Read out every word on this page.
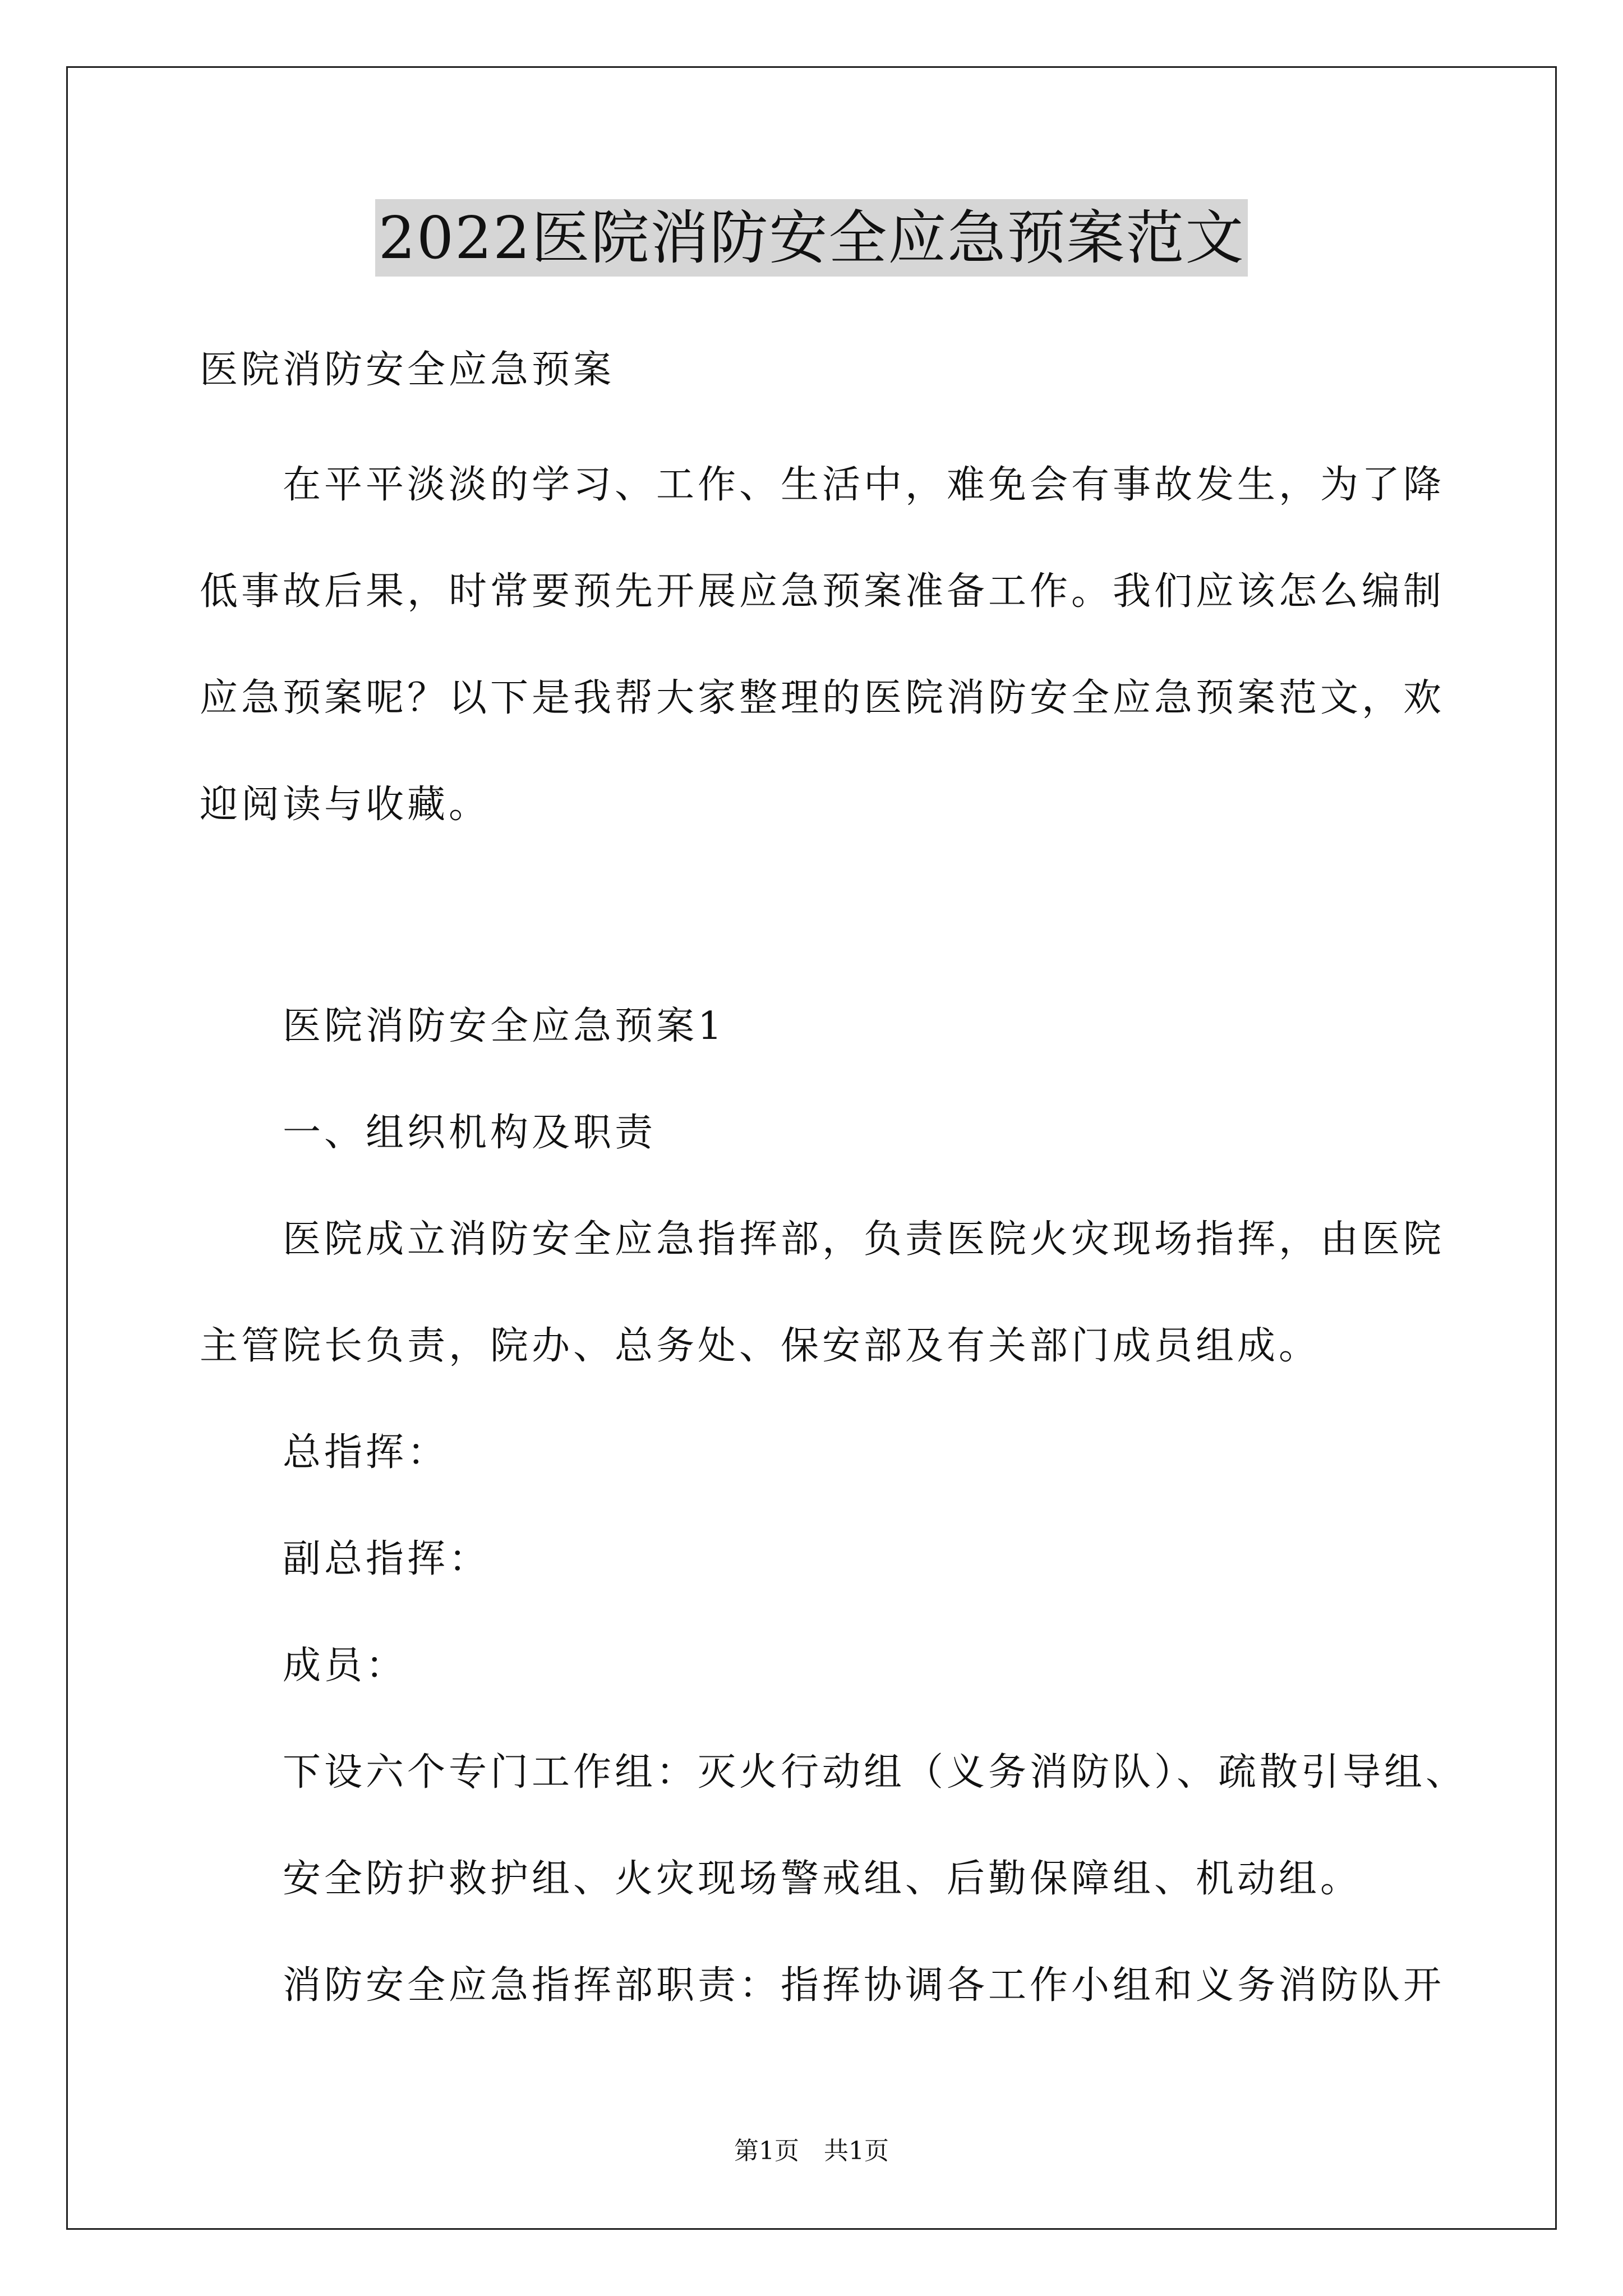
2022医院消防安全应急预案范文
医院消防安全应急预案
在平平淡淡的学习、工作、生活中，难免会有事故发生，为了降
低事故后果，时常要预先开展应急预案准备工作。我们应该怎么编制
应急预案呢？以下是我帮大家整理的医院消防安全应急预案范文，欢
迎阅读与收藏。
医院消防安全应急预案1
一、组织机构及职责
医院成立消防安全应急指挥部，负责医院火灾现场指挥，由医院
主管院长负责，院办、总务处、保安部及有关部门成员组成。
总指挥：
副总指挥：
成员：
下设六个专门工作组：灭火行动组（义务消防队）、疏散引导组、
安全防护救护组、火灾现场警戒组、后勤保障组、机动组。
消防安全应急指挥部职责：指挥协调各工作小组和义务消防队开
第1页　共1页
